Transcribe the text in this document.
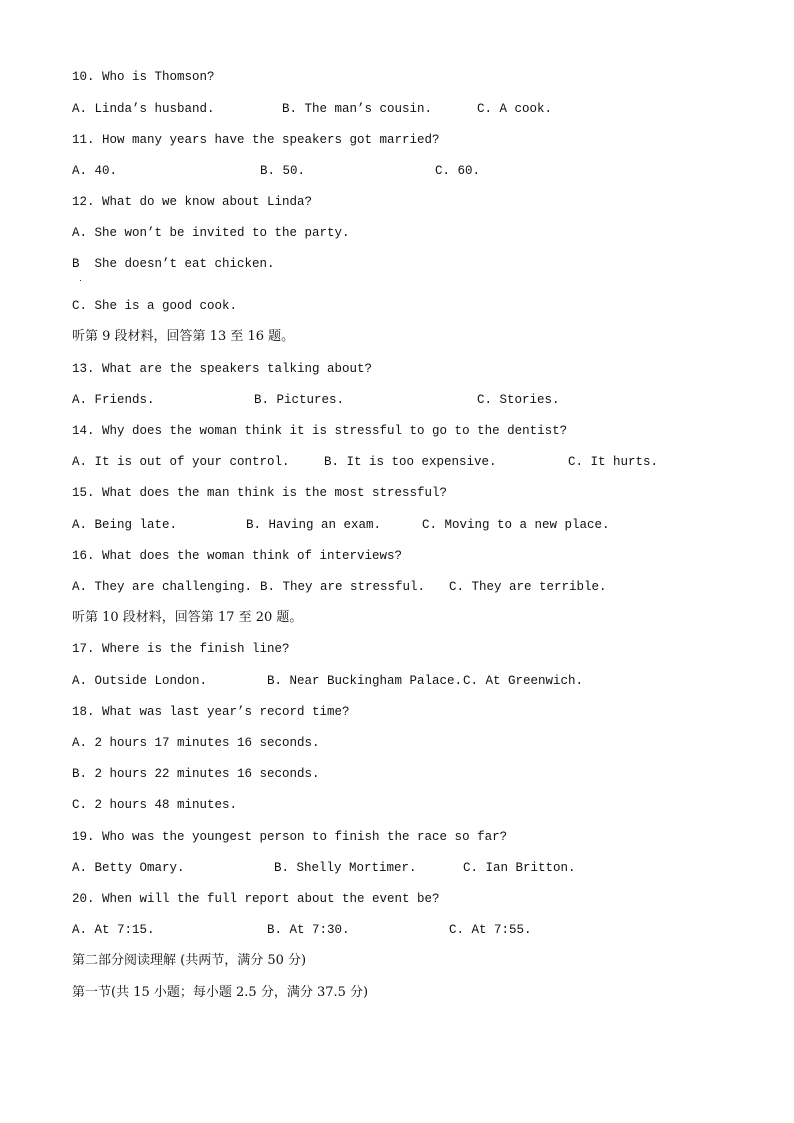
10. Who is Thomson?
A. Linda’s husband.	B. The man’s cousin.	C. A cook.
11. How many years have the speakers got married?
A. 40.	B. 50.	C. 60.
12. What do we know about Linda?
A. She won’t be invited to the party.
B  She doesn’t eat chicken.
C. She is a good cook.
听第 9 段材料，回答第 13 至 16 题。
13. What are the speakers talking about?
A. Friends.	B. Pictures.	C. Stories.
14. Why does the woman think it is stressful to go to the dentist?
A. It is out of your control.	B. It is too expensive.	C. It hurts.
15. What does the man think is the most stressful?
A. Being late.	B. Having an exam.	C. Moving to a new place.
16. What does the woman think of interviews?
A. They are challenging. B. They are stressful. C. They are terrible.
听第 10 段材料，回答第 17 至 20 题。
17. Where is the finish line?
A. Outside London.	B. Near Buckingham Palace. C. At Greenwich.
18. What was last year’s record time?
A. 2 hours 17 minutes 16 seconds.
B. 2 hours 22 minutes 16 seconds.
C. 2 hours 48 minutes.
19. Who was the youngest person to finish the race so far?
A. Betty Omary.	B. Shelly Mortimer.	C. Ian Britton.
20. When will the full report about the event be?
A. At 7:15.	B. At 7:30.	C. At 7:55.
第二部分阅读理解 (共两节，满分 50 分)
第一节(共 15 小题；每小题 2.5 分，满分 37.5 分)
